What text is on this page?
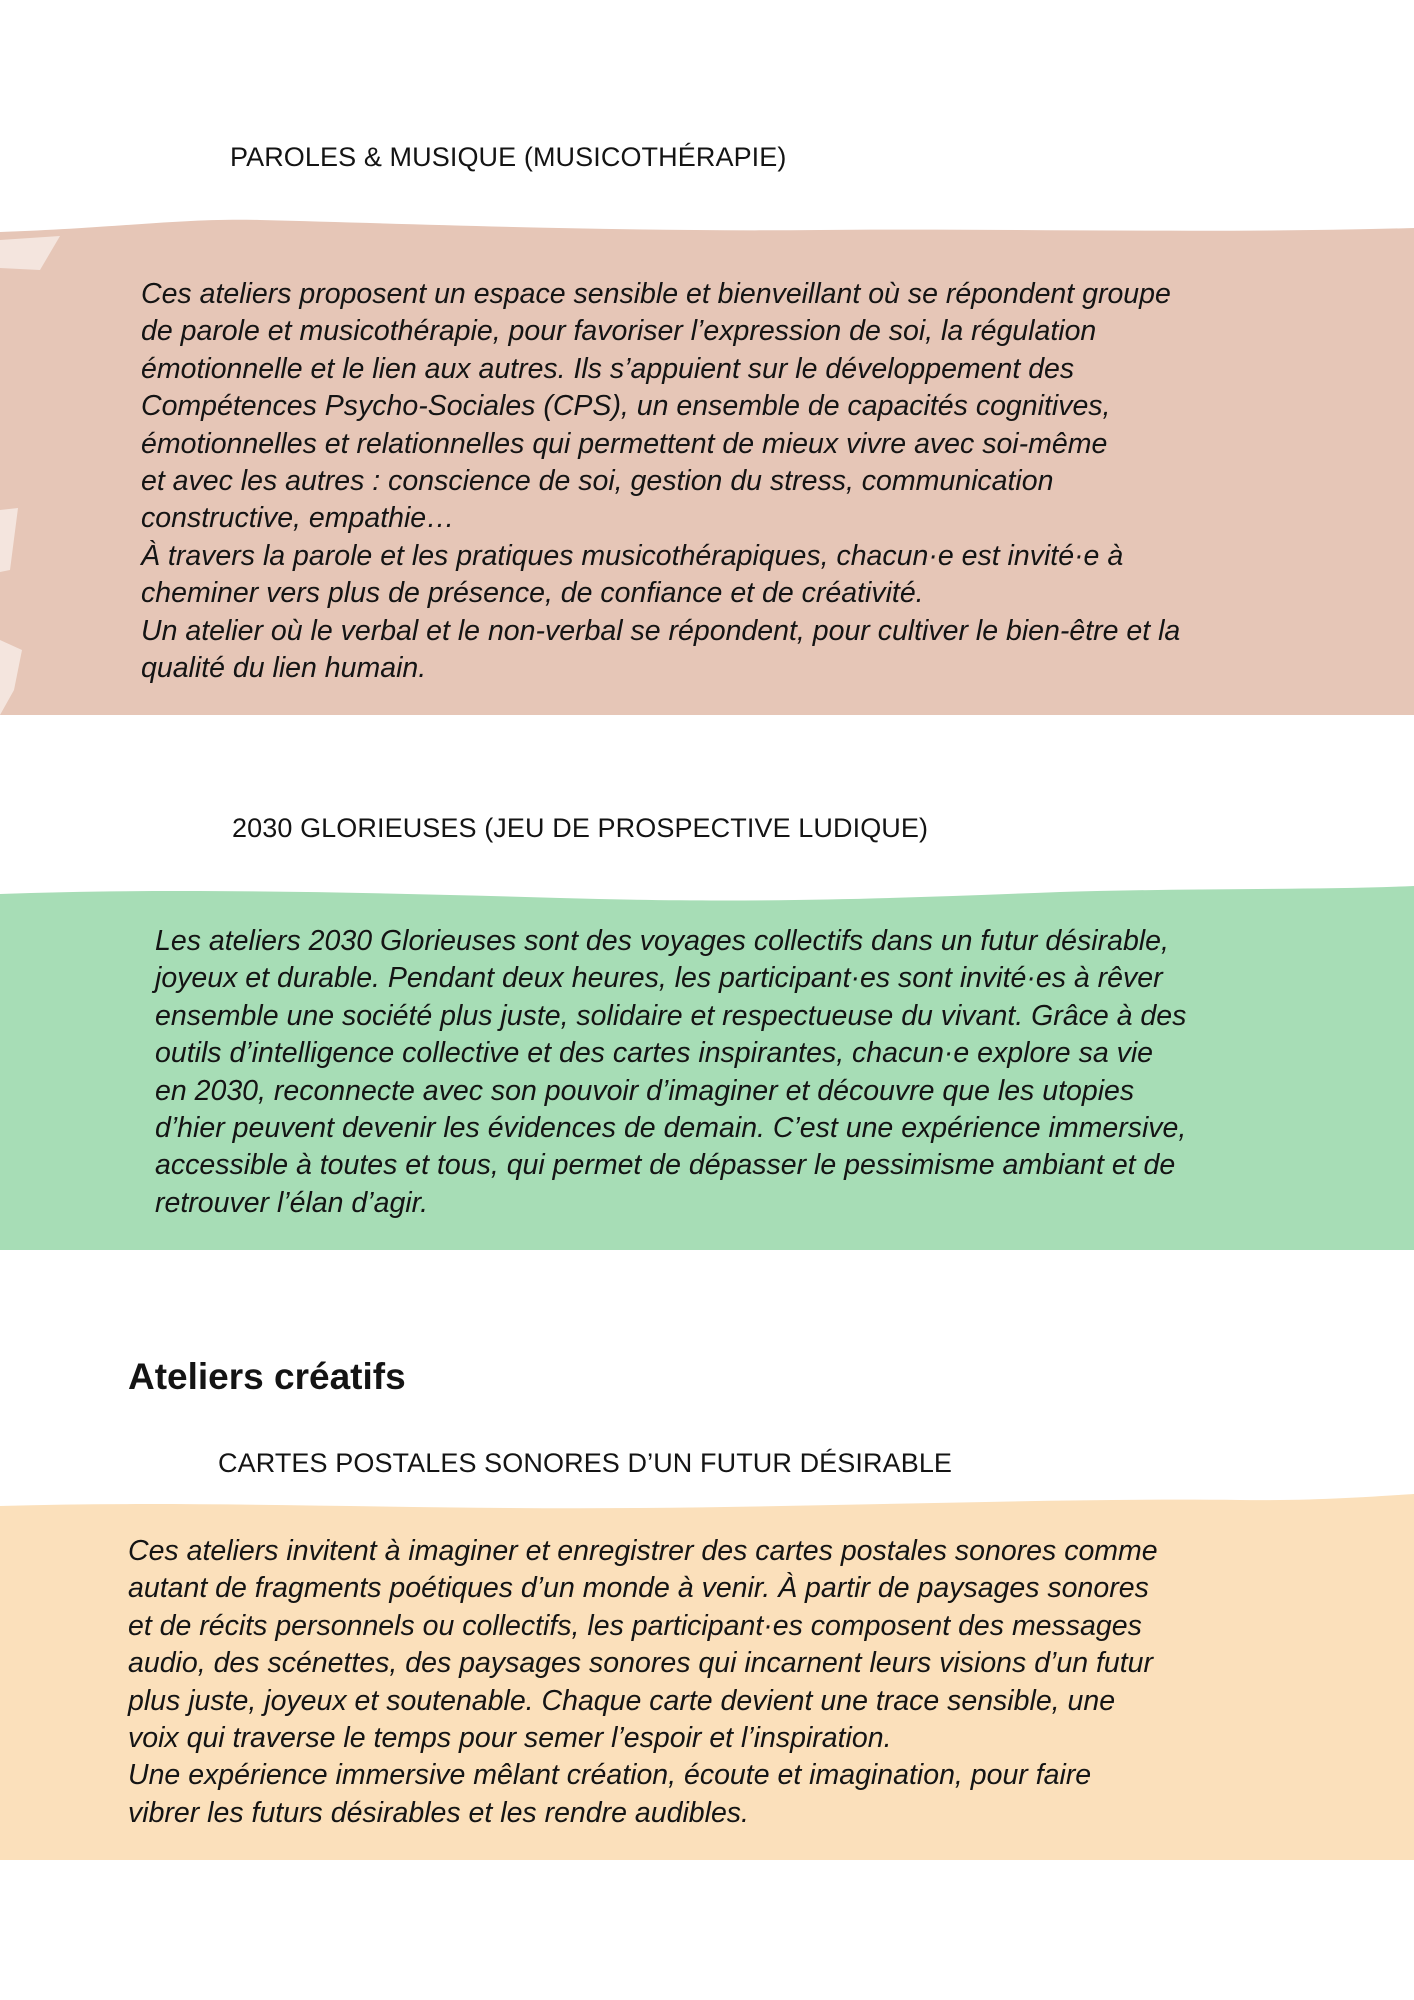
PAROLES & MUSIQUE (MUSICOTHÉRAPIE)

Ces ateliers proposent un espace sensible et bienveillant où se répondent groupe
de parole et musicothérapie, pour favoriser l’expression de soi, la régulation
émotionnelle et le lien aux autres. Ils s’appuient sur le développement des
Compétences Psycho-Sociales (CPS), un ensemble de capacités cognitives,
émotionnelles et relationnelles qui permettent de mieux vivre avec soi-même
et avec les autres : conscience de soi, gestion du stress, communication
constructive, empathie…
À travers la parole et les pratiques musicothérapiques, chacun·e est invité·e à
cheminer vers plus de présence, de confiance et de créativité.
Un atelier où le verbal et le non-verbal se répondent, pour cultiver le bien-être et la
qualité du lien humain.

2030 GLORIEUSES (JEU DE PROSPECTIVE LUDIQUE)

Les ateliers 2030 Glorieuses sont des voyages collectifs dans un futur désirable,
joyeux et durable. Pendant deux heures, les participant·es sont invité·es à rêver
ensemble une société plus juste, solidaire et respectueuse du vivant. Grâce à des
outils d’intelligence collective et des cartes inspirantes, chacun·e explore sa vie
en 2030, reconnecte avec son pouvoir d’imaginer et découvre que les utopies
d’hier peuvent devenir les évidences de demain. C’est une expérience immersive,
accessible à toutes et tous, qui permet de dépasser le pessimisme ambiant et de
retrouver l’élan d’agir.

Ateliers créatifs
CARTES POSTALES SONORES D’UN FUTUR DÉSIRABLE

Ces ateliers invitent à imaginer et enregistrer des cartes postales sonores comme
autant de fragments poétiques d’un monde à venir. À partir de paysages sonores
et de récits personnels ou collectifs, les participant·es composent des messages
audio, des scénettes, des paysages sonores qui incarnent leurs visions d’un futur
plus juste, joyeux et soutenable. Chaque carte devient une trace sensible, une
voix qui traverse le temps pour semer l’espoir et l’inspiration.
Une expérience immersive mêlant création, écoute et imagination, pour faire
vibrer les futurs désirables et les rendre audibles.
